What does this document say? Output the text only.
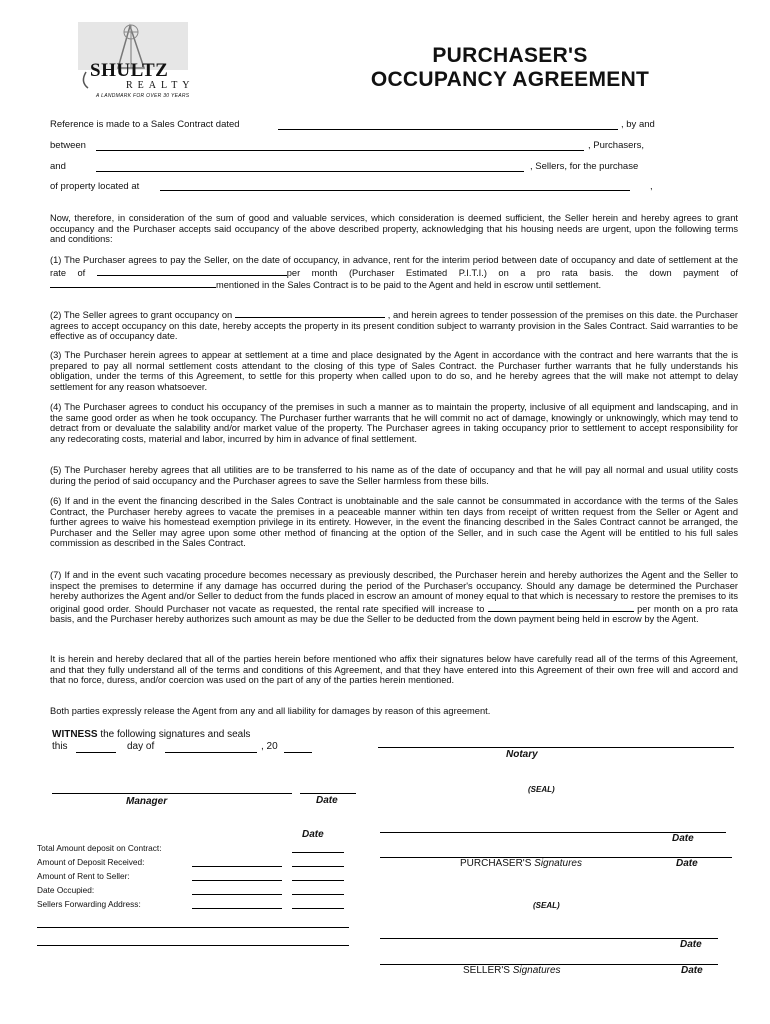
SHULTZ
REALTY
A LANDMARK FOR OVER 30 YEARS
PURCHASER'S
OCCUPANCY AGREEMENT
Reference is made to a Sales Contract dated	, by and
between	, Purchasers,
and	, Sellers, for the purchase
of property located at	,
Now, therefore, in consideration of the sum of good and valuable services, which consideration is deemed sufficient, the Seller herein and hereby agrees to grant occupancy and the Purchaser accepts said occupancy of the above described property, acknowledging that his housing needs are urgent, upon the following terms and conditions:
(1) The Purchaser agrees to pay the Seller, on the date of occupancy, in advance, rent for the interim period between date of occupancy and date of settlement at the rate of	per month (Purchaser Estimated P.I.T.I.) on a pro rata basis. the down payment of mentioned in the Sales Contract is to be paid to the Agent and held in escrow until settlement.
(2) The Seller agrees to grant occupancy on	, and herein agrees to tender possession of the premises on this date. the Purchaser agrees to accept occupancy on this date, hereby accepts the property in its present condition subject to warranty provision in the Sales Contract. Said warranties to be effective as of occupancy date.
(3) The Purchaser herein agrees to appear at settlement at a time and place designated by the Agent in accordance with the contract and here warrants that the is prepared to pay all normal settlement costs attendant to the closing of this type of Sales Contract. the Purchaser further warrants that he fully understands his obligation, under the terms of this Agreement, to settle for this property when called upon to do so, and he hereby agrees that the will make not attempt to delay settlement for any reason whatsoever.
(4) The Purchaser agrees to conduct his occupancy of the premises in such a manner as to maintain the property, inclusive of all equipment and landscaping, and in the same good order as when he took occupancy. The Purchaser further warrants that he will commit no act of damage, knowingly or unknowingly, which may tend to detract from or devaluate the salability and/or market value of the property. The Purchaser agrees in taking occupancy prior to settlement to accept responsibility for any redecorating costs, material and labor, incurred by him in advance of final settlement.
(5) The Purchaser hereby agrees that all utilities are to be transferred to his name as of the date of occupancy and that he will pay all normal and usual utility costs during the period of said occupancy and the Purchaser agrees to save the Seller harmless from these bills.
(6) If and in the event the financing described in the Sales Contract is unobtainable and the sale cannot be consummated in accordance with the terms of the Sales Contract, the Purchaser hereby agrees to vacate the premises in a peaceable manner within ten days from receipt of written request from the Seller or Agent and further agrees to waive his homestead exemption privilege in its entirety. However, in the event the financing described in the Sales Contract cannot be arranged, the Purchaser and the Seller may agree upon some other method of financing at the option of the Seller, and in such case the Agent will be entitled to his full sales commission as described in the Sales Contract.
(7) If and in the event such vacating procedure becomes necessary as previously described, the Purchaser herein and hereby authorizes the Agent and the Seller to inspect the premises to determine if any damage has occurred during the period of the Purchaser's occupancy. Should any damage be determined the Purchaser hereby authorizes the Agent and/or Seller to deduct from the funds placed in escrow an amount of money equal to that which is necessary to restore the premises to its original good order. Should Purchaser not vacate as requested, the rental rate specified will increase to	per month on a pro rata basis, and the Purchaser hereby authorizes such amount as may be due the Seller to be deducted from the down payment being held in escrow by the Agent.
It is herein and hereby declared that all of the parties herein before mentioned who affix their signatures below have carefully read all of the terms of this Agreement, and that they fully understand all of the terms and conditions of this Agreement, and that they have entered into this Agreement of their own free will and accord and that no force, duress, and/or coercion was used on the part of any of the parties herein mentioned.
Both parties expressly release the Agent from any and all liability for damages by reason of this agreement.
WITNESS the following signatures and seals
this	day of	, 20
Notary
(SEAL)
Manager	Date
Date
Total Amount deposit on Contract:
Amount of Deposit Received:
Amount of Rent to Seller:
Date Occupied:
Sellers Forwarding Address:
Date
PURCHASER'S Signatures	Date
(SEAL)
Date
SELLER'S Signatures	Date
